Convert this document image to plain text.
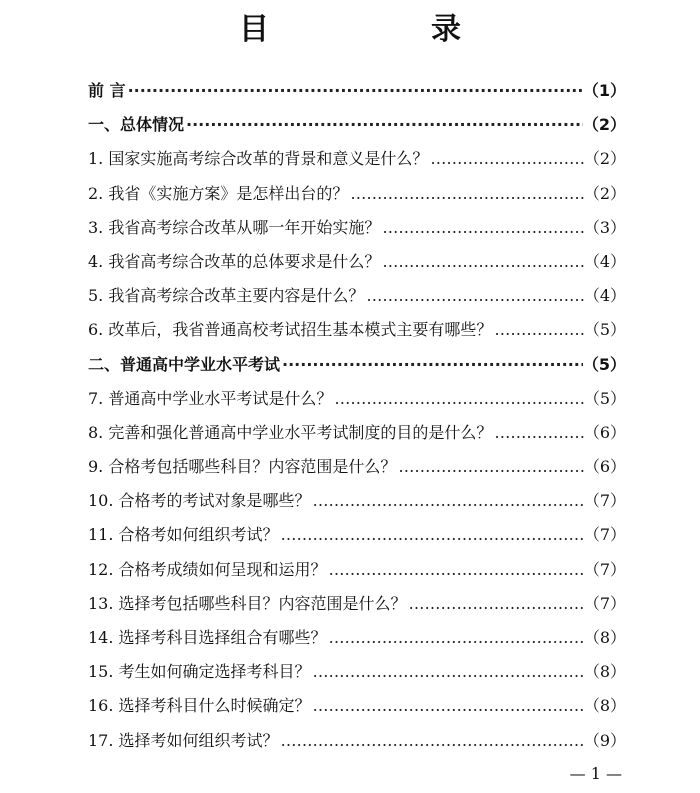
目　录
前 言 ·····	（1）
一、总体情况 ·····	（2）
1. 国家实施高考综合改革的背景和意义是什么？ ………………………………………………………………………………………………………………………………………………	（2）
2. 我省《实施方案》是怎样出台的？ ………………………………………………………………………………………………………………………………………………	（2）
3. 我省高考综合改革从哪一年开始实施？ ………………………………………………………………………………………………………………………………………………	（3）
4. 我省高考综合改革的总体要求是什么？ ………………………………………………………………………………………………………………………………………………	（4）
5. 我省高考综合改革主要内容是什么？ ………………………………………………………………………………………………………………………………………………	（4）
6. 改革后，我省普通高校考试招生基本模式主要有哪些？ ………………………………………………………………………………………………………………………………………………	（5）
二、普通高中学业水平考试 ·····	（5）
7. 普通高中学业水平考试是什么？ ………………………………………………………………………………………………………………………………………………	（5）
8. 完善和强化普通高中学业水平考试制度的目的是什么？ ………………………………………………………………………………………………………………………………………………	（6）
9. 合格考包括哪些科目？内容范围是什么？ ………………………………………………………………………………………………………………………………………………	（6）
10. 合格考的考试对象是哪些？ ………………………………………………………………………………………………………………………………………………	（7）
11. 合格考如何组织考试？ ………………………………………………………………………………………………………………………………………………	（7）
12. 合格考成绩如何呈现和运用？ ………………………………………………………………………………………………………………………………………………	（7）
13. 选择考包括哪些科目？内容范围是什么？ ………………………………………………………………………………………………………………………………………………	（7）
14. 选择考科目选择组合有哪些？ ………………………………………………………………………………………………………………………………………………	（8）
15. 考生如何确定选择考科目？ ………………………………………………………………………………………………………………………………………………	（8）
16. 选择考科目什么时候确定？ ………………………………………………………………………………………………………………………………………………	（8）
17. 选择考如何组织考试？ ………………………………………………………………………………………………………………………………………………	（9）
— 1 —
